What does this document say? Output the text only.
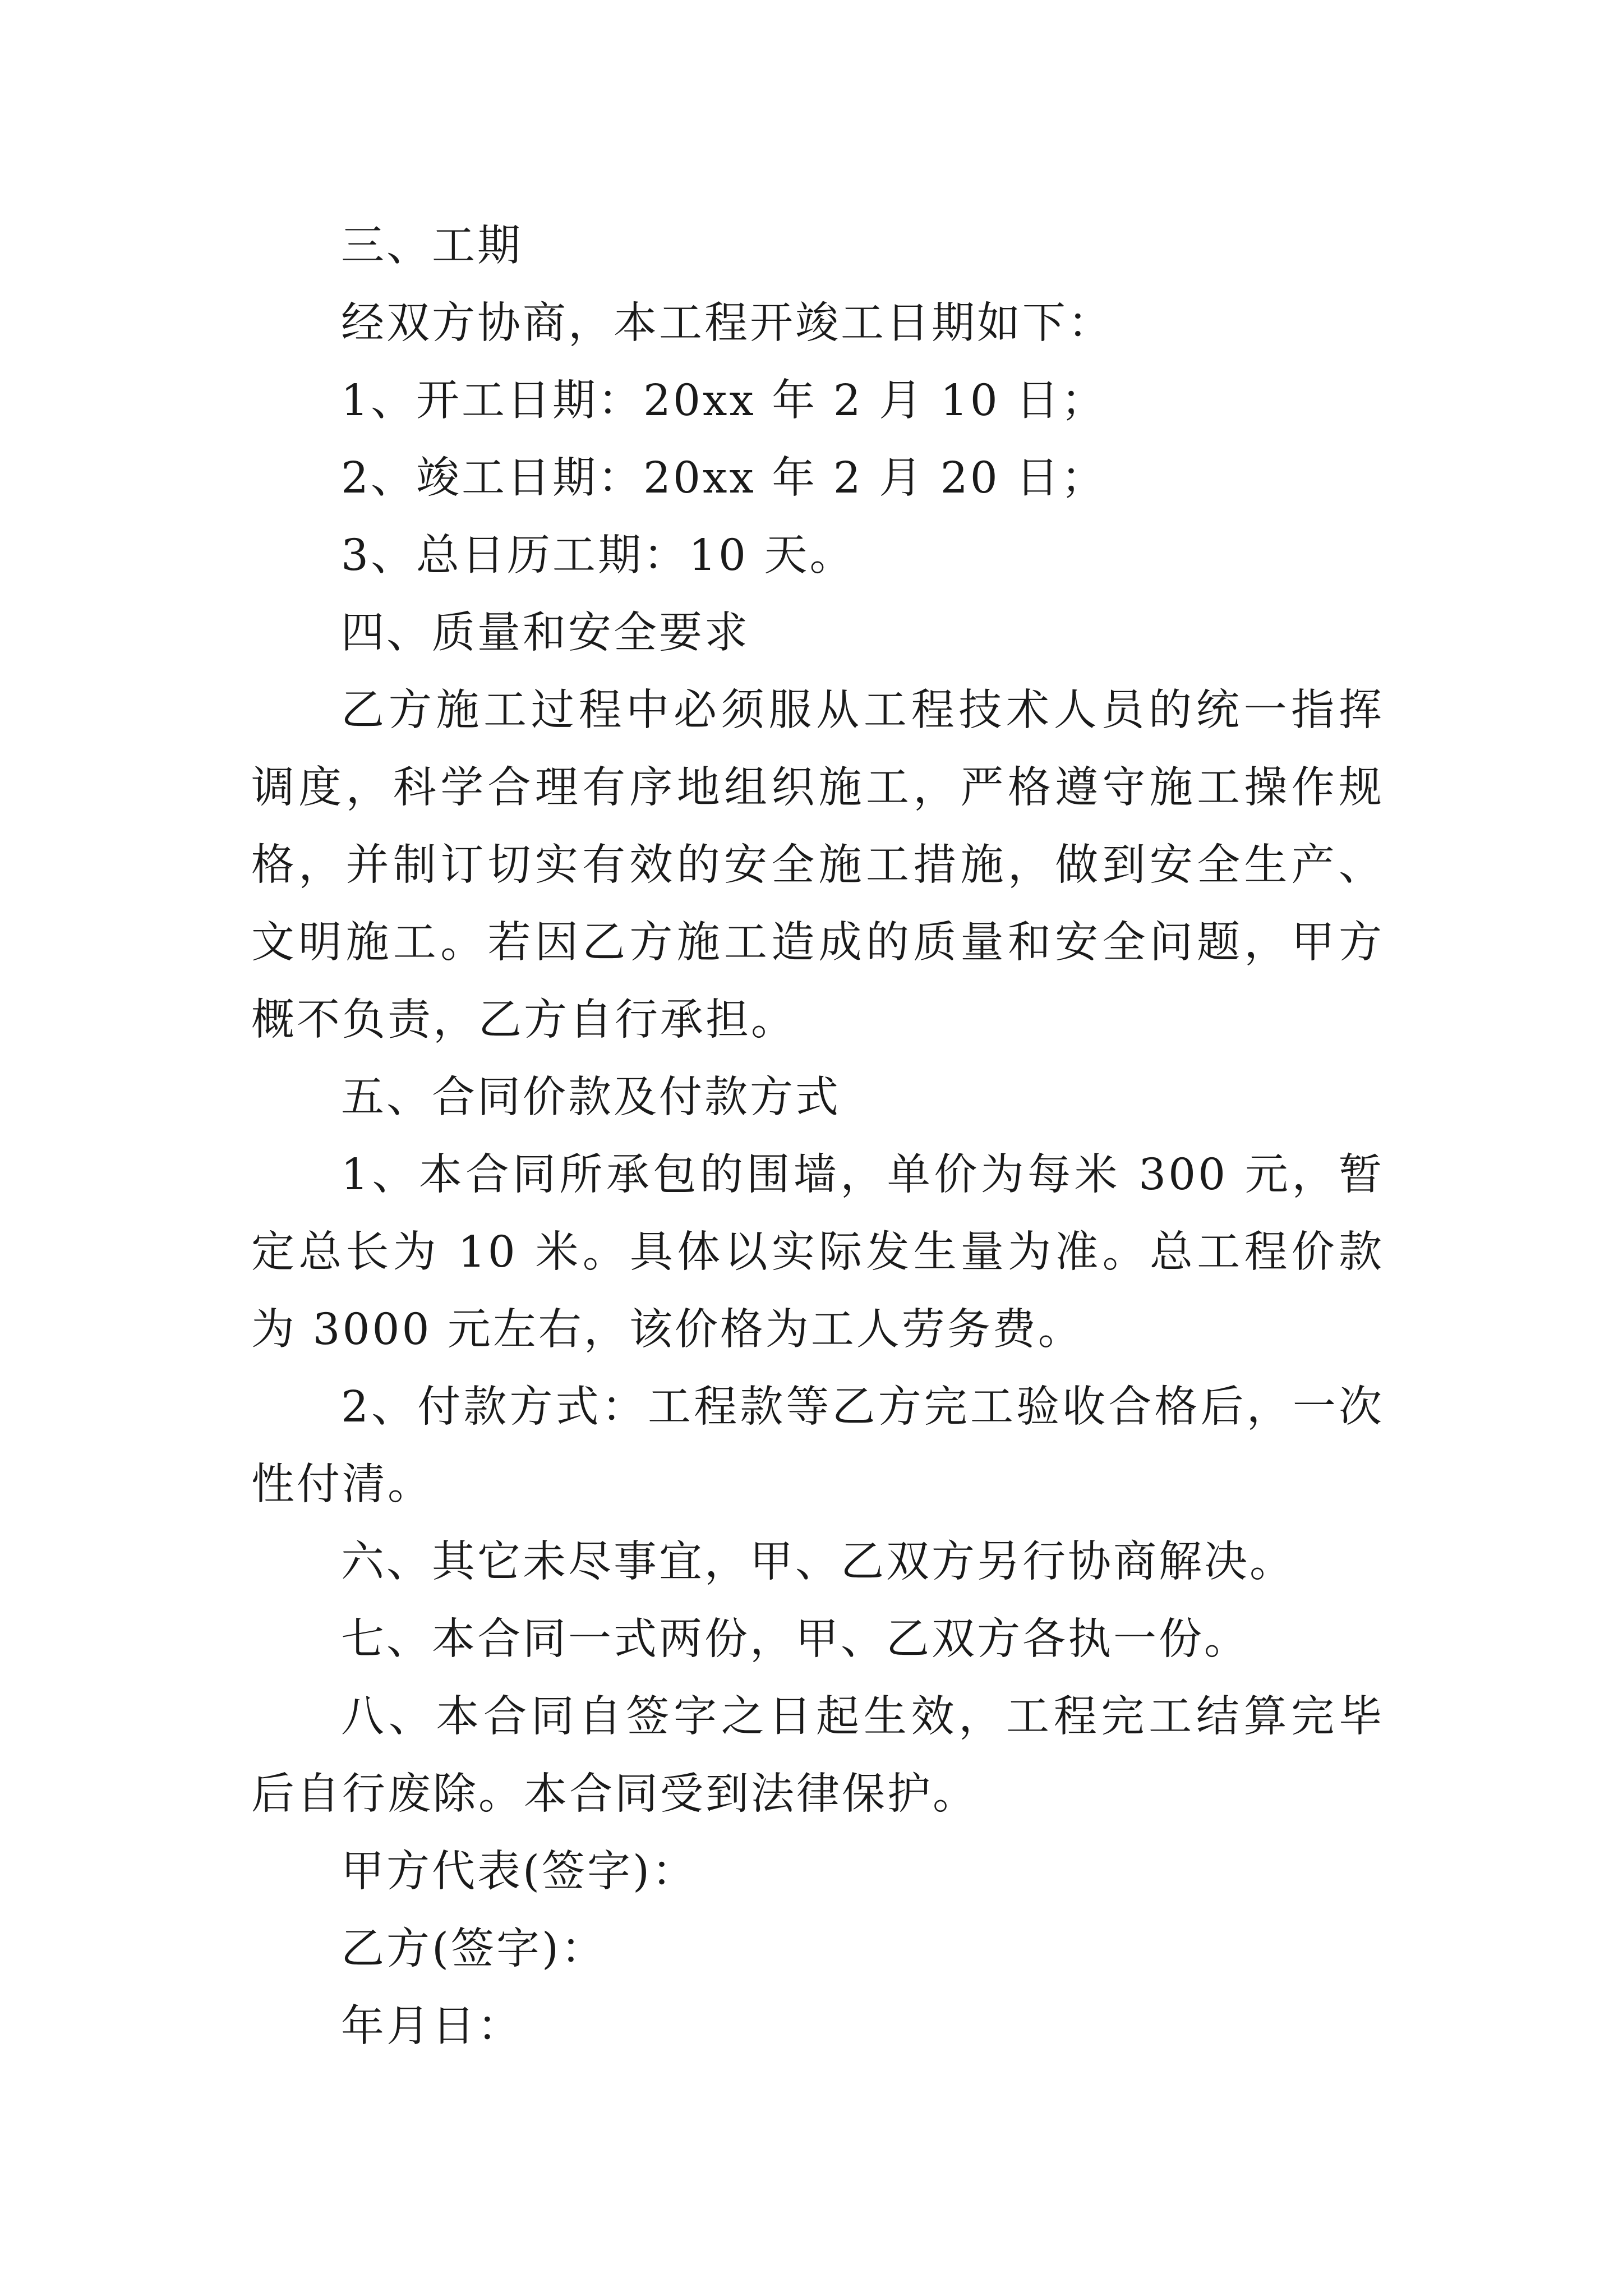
三、工期

经双方协商，本工程开竣工日期如下：

1、开工日期：20xx 年 2 月 10 日；

2、竣工日期：20xx 年 2 月 20 日；

3、总日历工期：10 天。

四、质量和安全要求

乙方施工过程中必须服从工程技术人员的统一指挥调度，科学合理有序地组织施工，严格遵守施工操作规格，并制订切实有效的安全施工措施，做到安全生产、文明施工。若因乙方施工造成的质量和安全问题，甲方概不负责，乙方自行承担。

五、合同价款及付款方式

1、本合同所承包的围墙，单价为每米 300 元，暂定总长为 10 米。具体以实际发生量为准。总工程价款为 3000 元左右，该价格为工人劳务费。

2、付款方式：工程款等乙方完工验收合格后，一次性付清。

六、其它未尽事宜，甲、乙双方另行协商解决。

七、本合同一式两份，甲、乙双方各执一份。

八、本合同自签字之日起生效，工程完工结算完毕后自行废除。本合同受到法律保护。

甲方代表(签字)：

乙方(签字)：

年月日：
